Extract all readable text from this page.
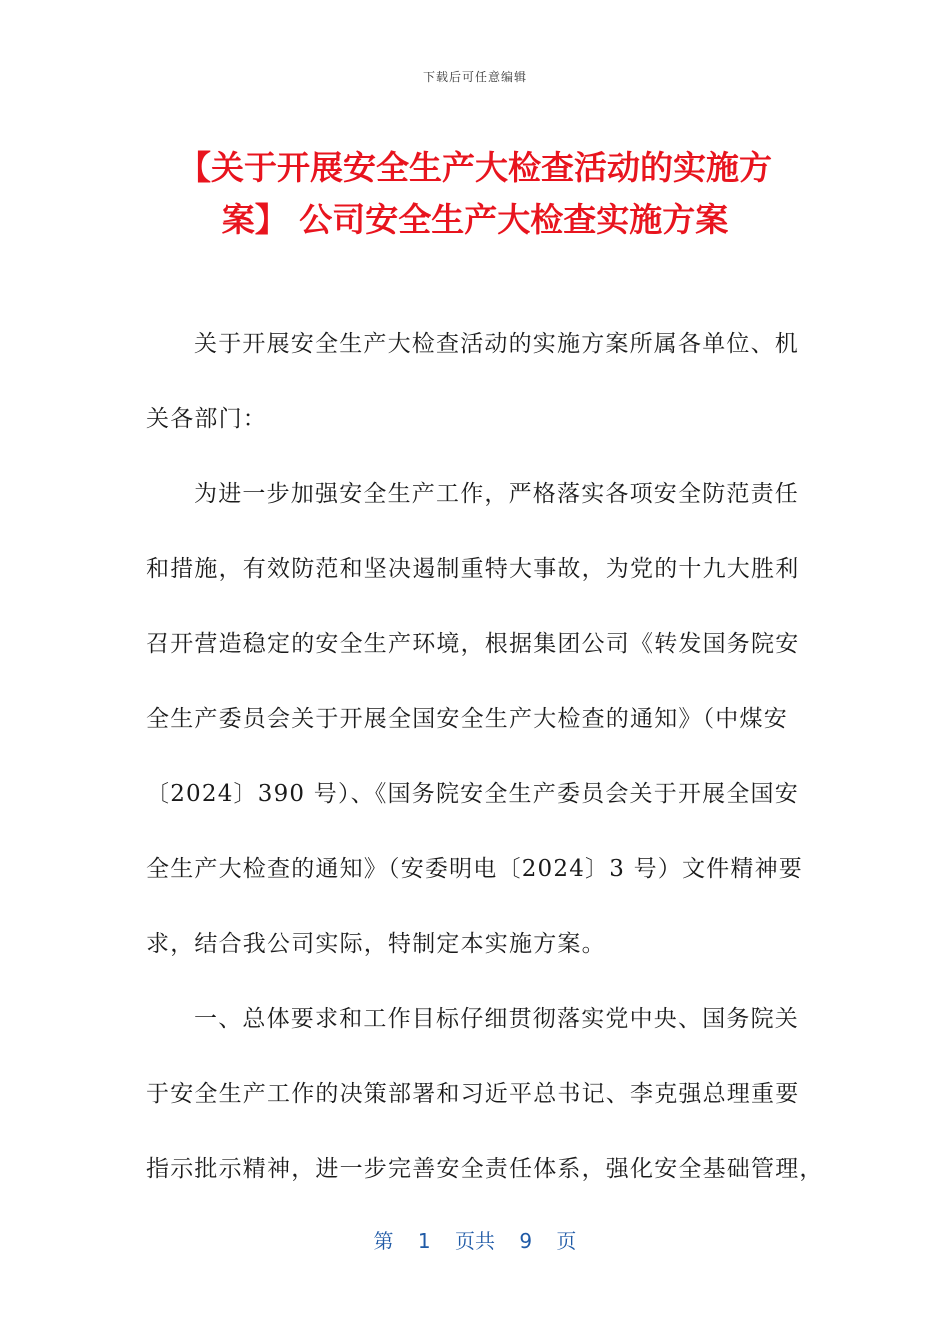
下载后可任意编辑
【关于开展安全生产大检查活动的实施方
案】 公司安全生产大检查实施方案
关于开展安全生产大检查活动的实施方案所属各单位、机
关各部门：
为进一步加强安全生产工作，严格落实各项安全防范责任
和措施，有效防范和坚决遏制重特大事故，为党的十九大胜利
召开营造稳定的安全生产环境，根据集团公司《转发国务院安
全生产委员会关于开展全国安全生产大检查的通知》（中煤安
〔2024〕390 号）、《国务院安全生产委员会关于开展全国安
全生产大检查的通知》（安委明电〔2024〕3 号）文件精神要
求，结合我公司实际，特制定本实施方案。
一、总体要求和工作目标仔细贯彻落实党中央、国务院关
于安全生产工作的决策部署和习近平总书记、李克强总理重要
指示批示精神，进一步完善安全责任体系，强化安全基础管理，
第 1 页共 9 页
